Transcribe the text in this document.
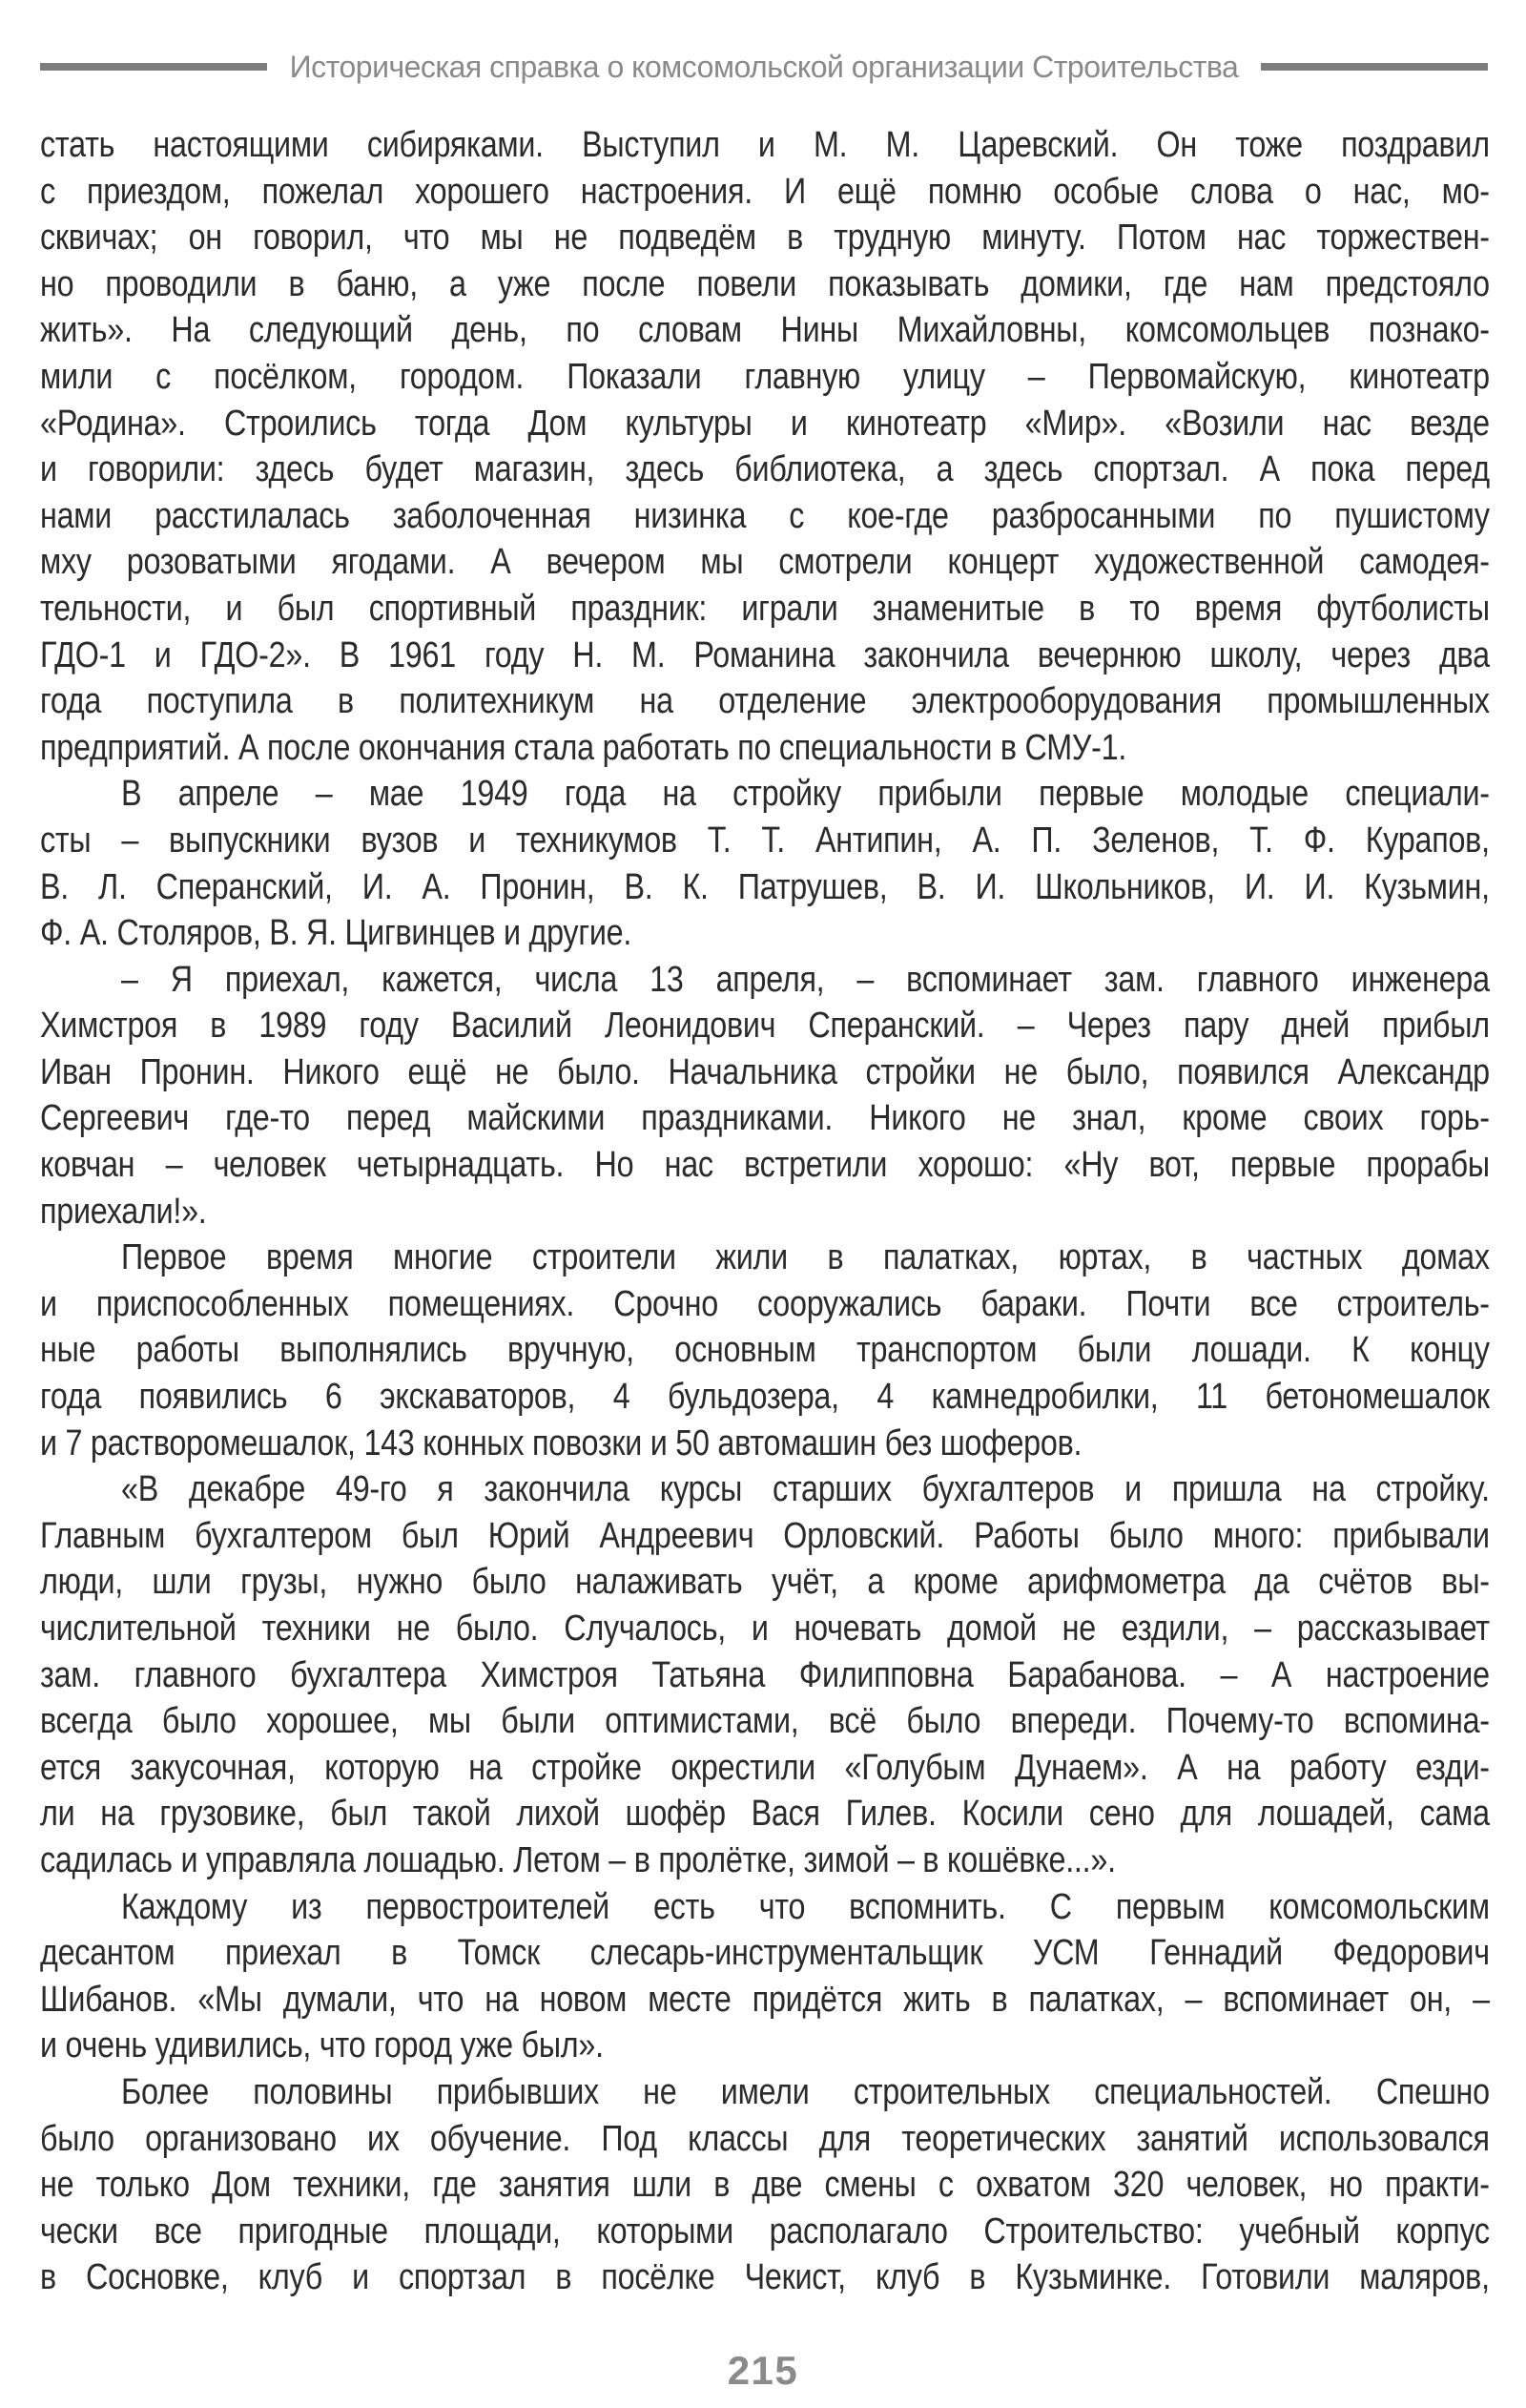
Историческая справка о комсомольской организации Строительства
стать настоящими сибиряками. Выступил и М. М. Царевский. Он тоже поздравил
с приездом, пожелал хорошего настроения. И ещё помню особые слова о нас, мо-
сквичах; он говорил, что мы не подведём в трудную минуту. Потом нас торжествен-
но проводили в баню, а уже после повели показывать домики, где нам предстояло
жить». На следующий день, по словам Нины Михайловны, комсомольцев познако-
мили с посёлком, городом. Показали главную улицу – Первомайскую, кинотеатр
«Родина». Строились тогда Дом культуры и кинотеатр «Мир». «Возили нас везде
и говорили: здесь будет магазин, здесь библиотека, а здесь спортзал. А пока перед
нами расстилалась заболоченная низинка с кое-где разбросанными по пушистому
мху розоватыми ягодами. А вечером мы смотрели концерт художественной самодея-
тельности, и был спортивный праздник: играли знаменитые в то время футболисты
ГДО-1 и ГДО-2». В 1961 году Н. М. Романина закончила вечернюю школу, через два
года поступила в политехникум на отделение электрооборудования промышленных
предприятий. А после окончания стала работать по специальности в СМУ-1.
В апреле – мае 1949 года на стройку прибыли первые молодые специали-
сты – выпускники вузов и техникумов Т. Т. Антипин, А. П. Зеленов, Т. Ф. Курапов,
В. Л. Сперанский, И. А. Пронин, В. К. Патрушев, В. И. Школьников, И. И. Кузьмин,
Ф. А. Столяров, В. Я. Цигвинцев и другие.
– Я приехал, кажется, числа 13 апреля, – вспоминает зам. главного инженера
Химстроя в 1989 году Василий Леонидович Сперанский. – Через пару дней прибыл
Иван Пронин. Никого ещё не было. Начальника стройки не было, появился Александр
Сергеевич где-то перед майскими праздниками. Никого не знал, кроме своих горь-
ковчан – человек четырнадцать. Но нас встретили хорошо: «Ну вот, первые прорабы
приехали!».
Первое время многие строители жили в палатках, юртах, в частных домах
и приспособленных помещениях. Срочно сооружались бараки. Почти все строитель-
ные работы выполнялись вручную, основным транспортом были лошади. К концу
года появились 6 экскаваторов, 4 бульдозера, 4 камнедробилки, 11 бетономешалок
и 7 растворомешалок, 143 конных повозки и 50 автомашин без шоферов.
«В декабре 49-го я закончила курсы старших бухгалтеров и пришла на стройку.
Главным бухгалтером был Юрий Андреевич Орловский. Работы было много: прибывали
люди, шли грузы, нужно было налаживать учёт, а кроме арифмометра да счётов вы-
числительной техники не было. Случалось, и ночевать домой не ездили, – рассказывает
зам. главного бухгалтера Химстроя Татьяна Филипповна Барабанова. – А настроение
всегда было хорошее, мы были оптимистами, всё было впереди. Почему-то вспомина-
ется закусочная, которую на стройке окрестили «Голубым Дунаем». А на работу езди-
ли на грузовике, был такой лихой шофёр Вася Гилев. Косили сено для лошадей, сама
садилась и управляла лошадью. Летом – в пролётке, зимой – в кошёвке...».
Каждому из первостроителей есть что вспомнить. С первым комсомольским
десантом приехал в Томск слесарь-инструментальщик УСМ Геннадий Федорович
Шибанов. «Мы думали, что на новом месте придётся жить в палатках, – вспоминает он, –
и очень удивились, что город уже был».
Более половины прибывших не имели строительных специальностей. Спешно
было организовано их обучение. Под классы для теоретических занятий использовался
не только Дом техники, где занятия шли в две смены с охватом 320 человек, но практи-
чески все пригодные площади, которыми располагало Строительство: учебный корпус
в Сосновке, клуб и спортзал в посёлке Чекист, клуб в Кузьминке. Готовили маляров,
215
